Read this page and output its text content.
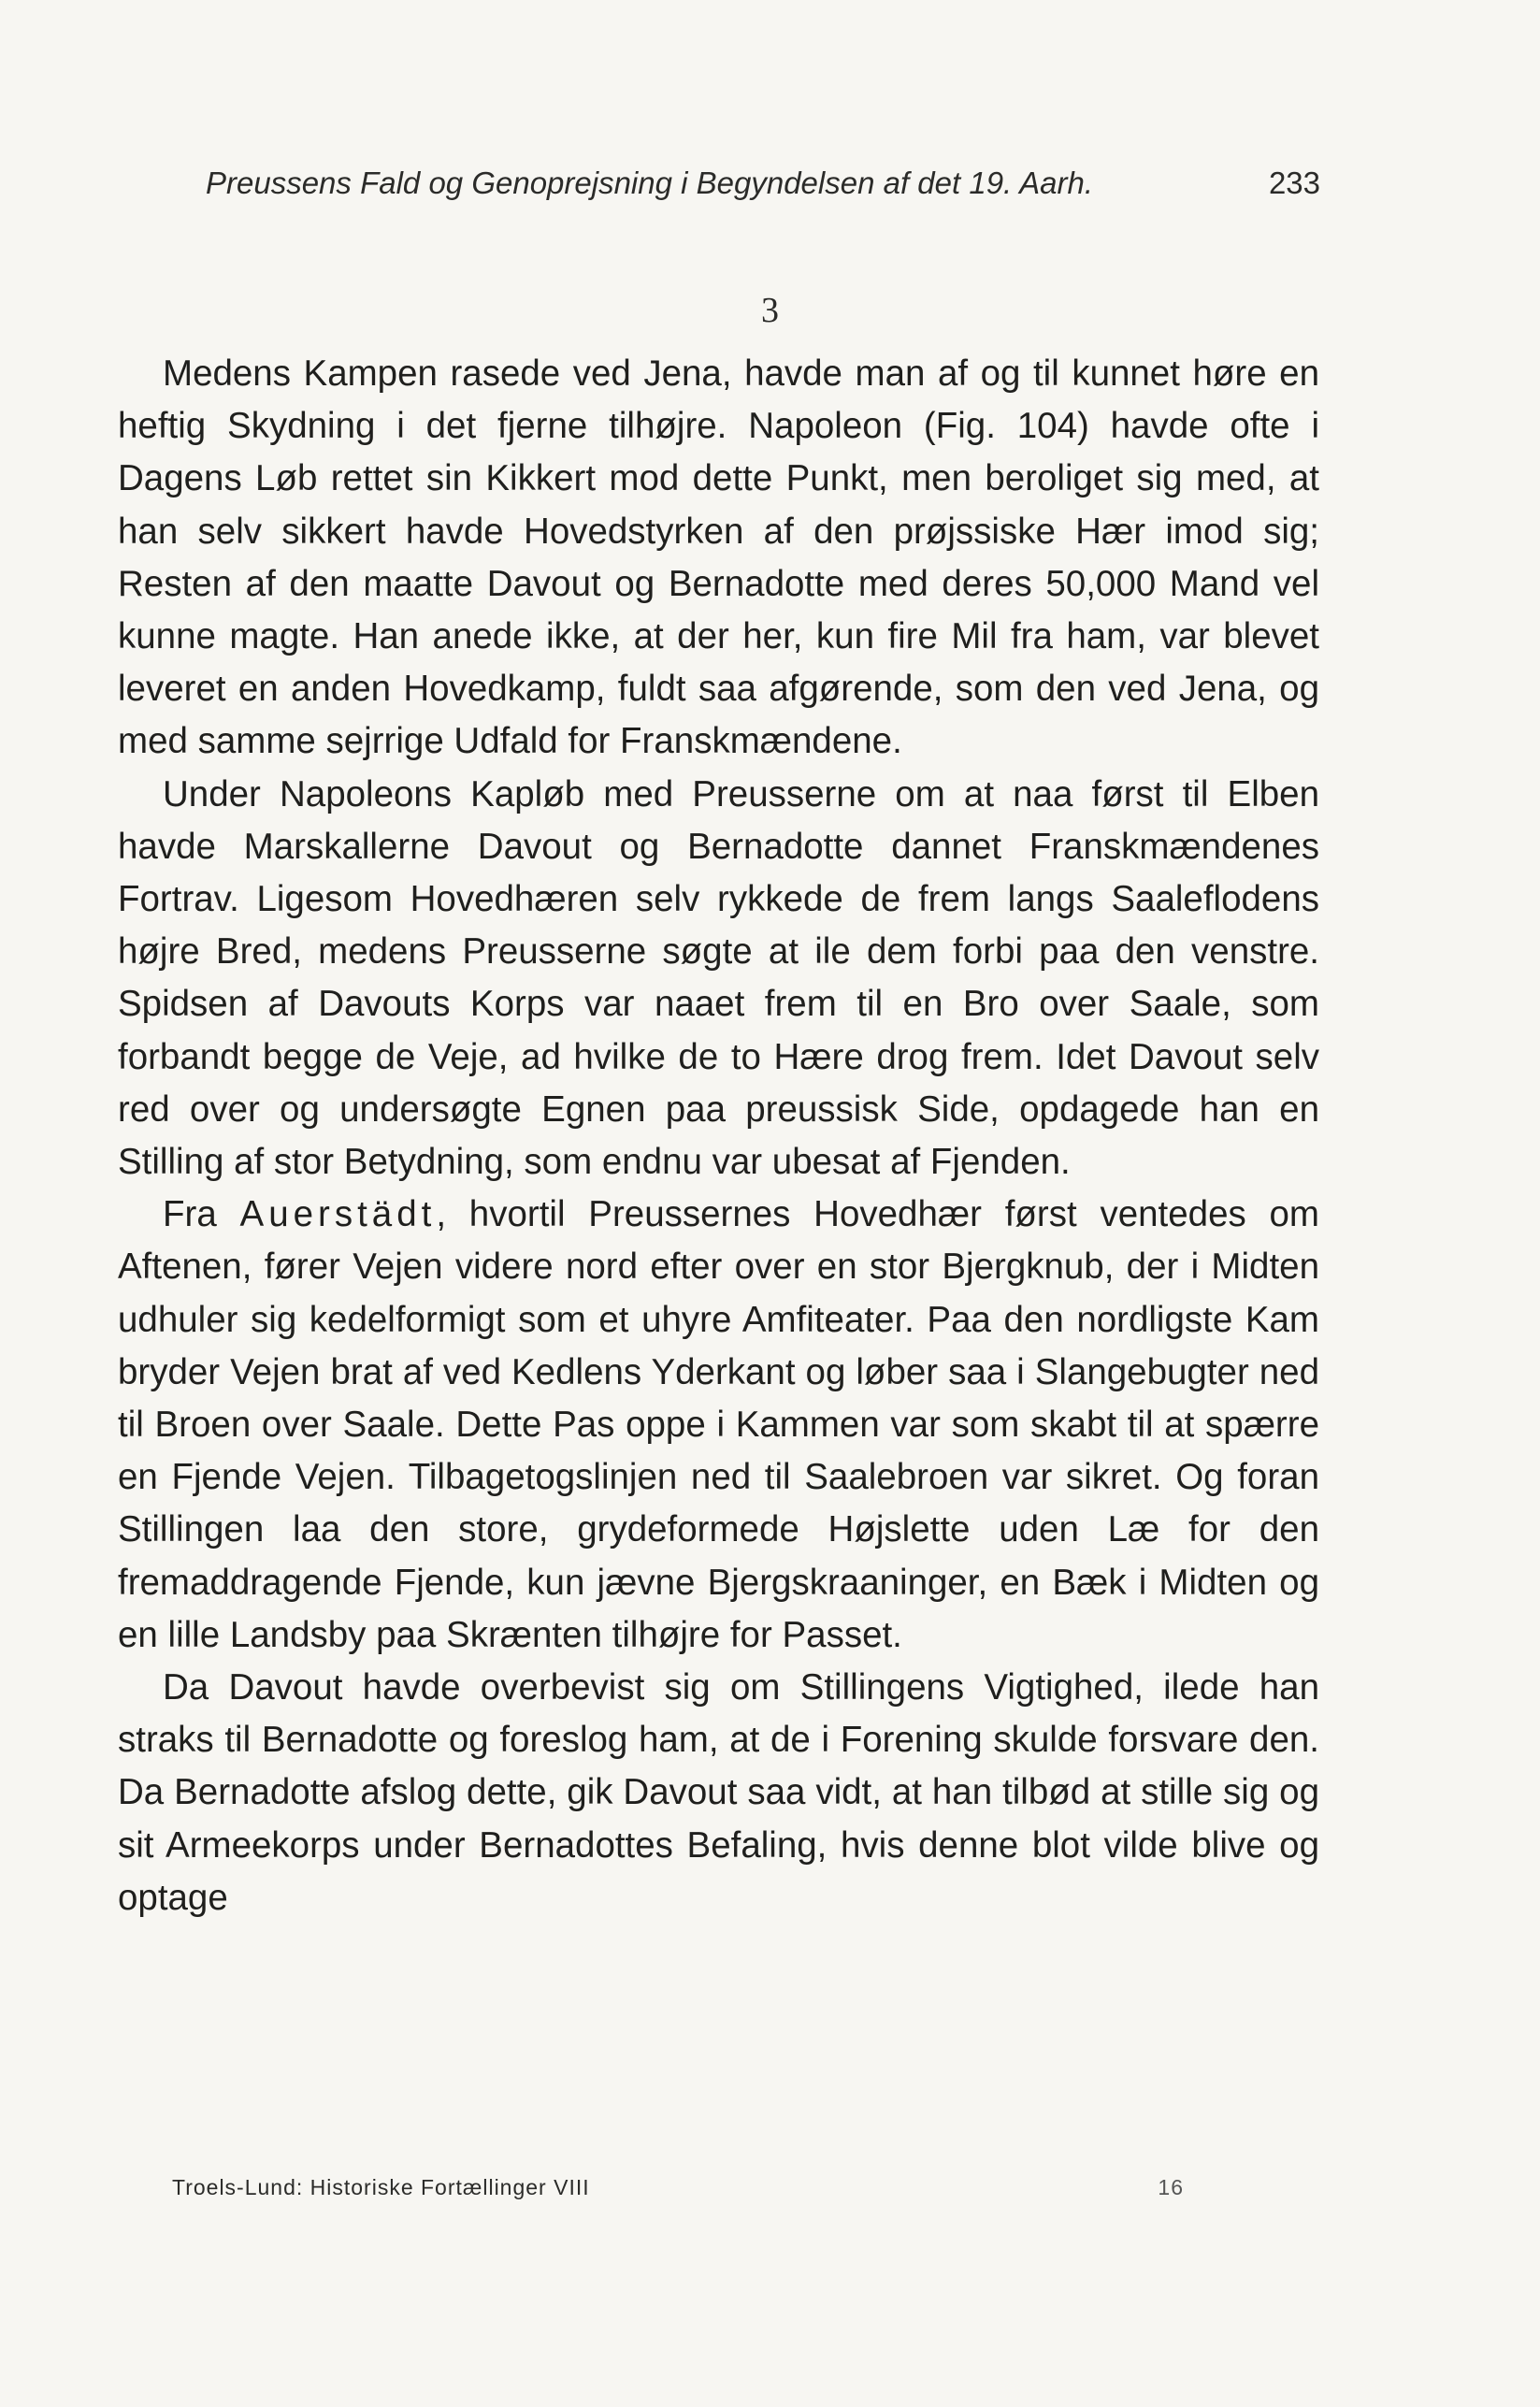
Preussens Fald og Genoprejsning i Begyndelsen af det 19. Aarh.	233
3

Medens Kampen rasede ved Jena, havde man af og til kunnet høre en heftig Skydning i det fjerne tilhøjre. Napoleon (Fig. 104) havde ofte i Dagens Løb rettet sin Kikkert mod dette Punkt, men beroliget sig med, at han selv sikkert havde Hovedstyrken af den prøjssiske Hær imod sig; Resten af den maatte Davout og Bernadotte med deres 50,000 Mand vel kunne magte. Han anede ikke, at der her, kun fire Mil fra ham, var blevet leveret en anden Hovedkamp, fuldt saa afgørende, som den ved Jena, og med samme sejrrige Udfald for Franskmændene.

Under Napoleons Kapløb med Preusserne om at naa først til Elben havde Marskallerne Davout og Bernadotte dannet Franskmændenes Fortrav. Ligesom Hovedhæren selv rykkede de frem langs Saaleflodens højre Bred, medens Preusserne søgte at ile dem forbi paa den venstre. Spidsen af Davouts Korps var naaet frem til en Bro over Saale, som forbandt begge de Veje, ad hvilke de to Hære drog frem. Idet Davout selv red over og undersøgte Egnen paa preussisk Side, opdagede han en Stilling af stor Betydning, som endnu var ubesat af Fjenden.

Fra Auerstädt, hvortil Preussernes Hovedhær først ventedes om Aftenen, fører Vejen videre nord efter over en stor Bjergknub, der i Midten udhuler sig kedelformigt som et uhyre Amfiteater. Paa den nordligste Kam bryder Vejen brat af ved Kedlens Yderkant og løber saa i Slangebugter ned til Broen over Saale. Dette Pas oppe i Kammen var som skabt til at spærre en Fjende Vejen. Tilbagetogslinjen ned til Saalebroen var sikret. Og foran Stillingen laa den store, grydeformede Højslette uden Læ for den fremaddragende Fjende, kun jævne Bjergskraaninger, en Bæk i Midten og en lille Landsby paa Skrænten tilhøjre for Passet.

Da Davout havde overbevist sig om Stillingens Vigtighed, ilede han straks til Bernadotte og foreslog ham, at de i Forening skulde forsvare den. Da Bernadotte afslog dette, gik Davout saa vidt, at han tilbød at stille sig og sit Armeekorps under Bernadottes Befaling, hvis denne blot vilde blive og optage

Troels-Lund: Historiske Fortællinger VIII	16
